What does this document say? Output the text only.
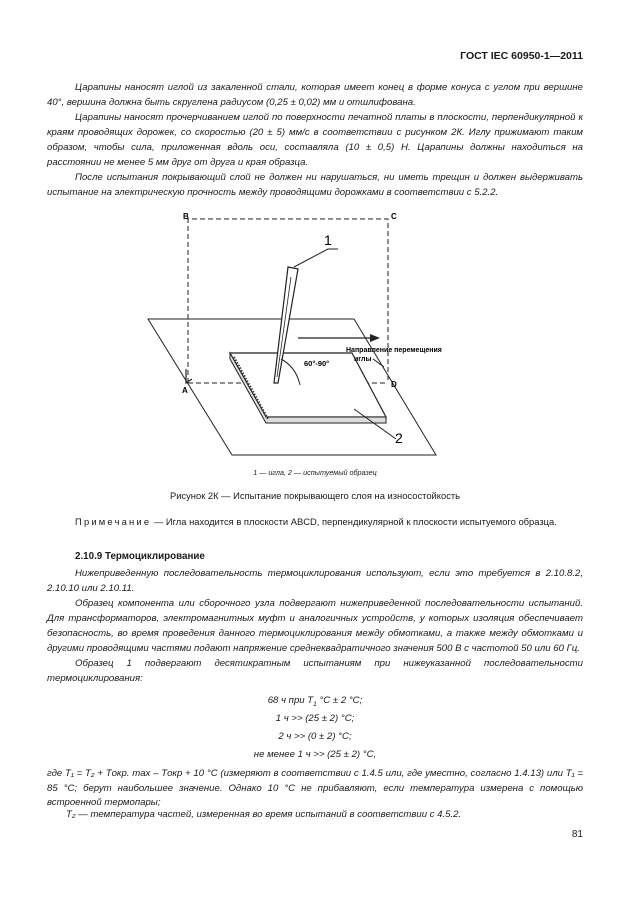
ГОСТ IEC 60950-1—2011

Царапины наносят иглой из закаленной стали, которая имеет конец в форме конуса с углом при вершине 40°, вершина должна быть скруглена радиусом (0,25 ± 0,02) мм и отшлифована.

Царапины наносят прочерчиванием иглой по поверхности печатной платы в плоскости, перпендикулярной к краям проводящих дорожек, со скоростью (20 ± 5) мм/с в соответствии с рисунком 2К. Иглу прижимают таким образом, чтобы сила, приложенная вдоль оси, составляла (10 ± 0,5) Н. Царапины должны находиться на расстоянии не менее 5 мм друг от друга и края образца.

После испытания покрывающий слой не должен ни нарушаться, ни иметь трещин и должен выдерживать испытание на электрическую прочность между проводящими дорожками в соответствии с 5.2.2.

A
B	C
D
1
2
60°-90°
Направление перемещения
иглы
1 — игла, 2 — испытуемый образец
Рисунок 2К — Испытание покрывающего слоя на износостойкость
Примечание — Игла находится в плоскости ABCD, перпендикулярной к плоскости испытуемого образца.
2.10.9 Термоциклирование

Нижеприведенную последовательность термоциклирования используют, если это требуется в 2.10.8.2, 2.10.10 или 2.10.11.

Образец компонента или сборочного узла подвергают нижеприведенной последовательности испытаний. Для трансформаторов, электромагнитных муфт и аналогичных устройств, у которых изоляция обеспечивает безопасность, во время проведения данного термоциклирования между обмотками, а также между обмотками и другими проводящими частями подают напряжение среднеквадратичного значения 500 В с частотой 50 или 60 Гц.

Образец 1 подвергают десятикратным испытаниям при нижеуказанной последовательности термоциклирования:

68 ч при $T_1$ °С ± 2 °С;
1 ч >> (25 ± 2) °С;
2 ч >> (0 ± 2) °С;
не менее 1 ч >> (25 ± 2) °С,
где T₁ = T₂ + Tокр. max – Tокр + 10 °С (измеряют в соответствии с 1.4.5 или, где уместно, согласно 1.4.13) или T₁ = 85 °С; берут наибольшее значение. Однако 10 °С не прибавляют, если температура измерена с помощью встроенной термопары;
T₂ — температура частей, измеренная во время испытаний в соответствии с 4.5.2.
81
